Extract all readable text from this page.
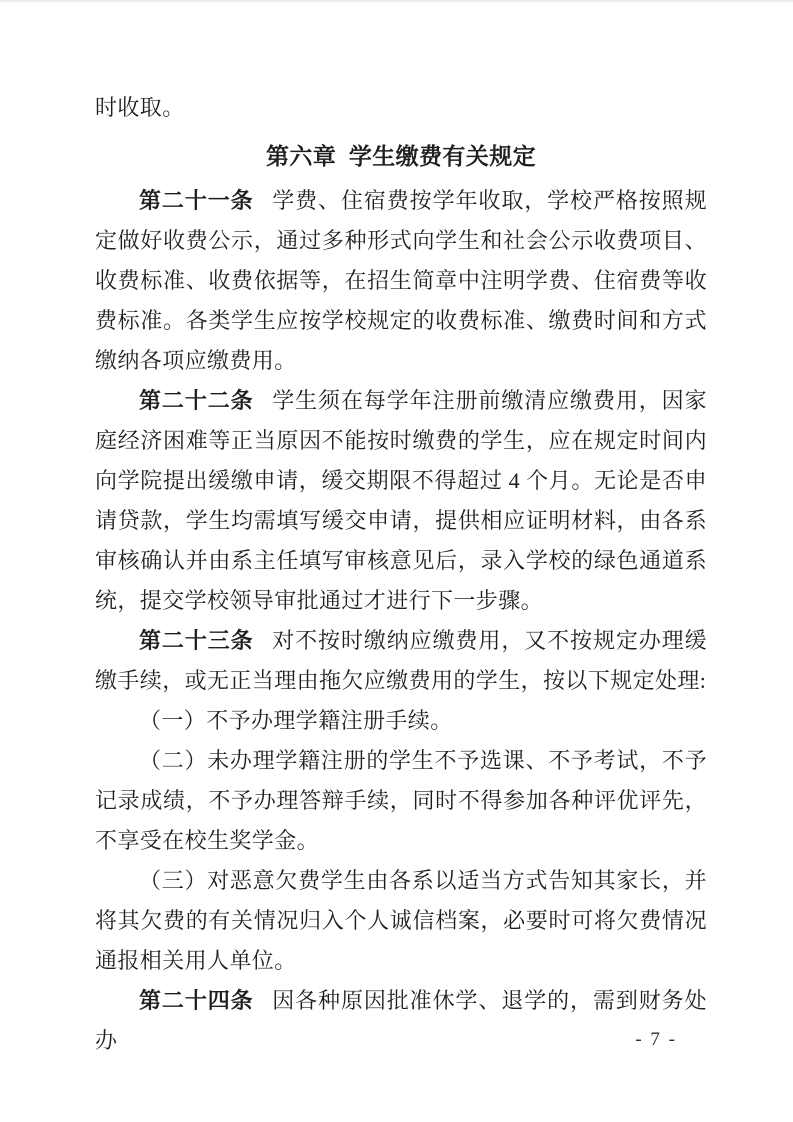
时收取。

第六章 学生缴费有关规定

第二十一条 学费、住宿费按学年收取，学校严格按照规定做好收费公示，通过多种形式向学生和社会公示收费项目、收费标准、收费依据等，在招生简章中注明学费、住宿费等收费标准。各类学生应按学校规定的收费标准、缴费时间和方式缴纳各项应缴费用。

第二十二条 学生须在每学年注册前缴清应缴费用，因家庭经济困难等正当原因不能按时缴费的学生，应在规定时间内向学院提出缓缴申请，缓交期限不得超过 4 个月。无论是否申请贷款，学生均需填写缓交申请，提供相应证明材料，由各系审核确认并由系主任填写审核意见后，录入学校的绿色通道系统，提交学校领导审批通过才进行下一步骤。

第二十三条 对不按时缴纳应缴费用，又不按规定办理缓缴手续，或无正当理由拖欠应缴费用的学生，按以下规定处理:

（一）不予办理学籍注册手续。

（二）未办理学籍注册的学生不予选课、不予考试，不予记录成绩，不予办理答辩手续，同时不得参加各种评优评先，不享受在校生奖学金。

（三）对恶意欠费学生由各系以适当方式告知其家长，并将其欠费的有关情况归入个人诚信档案，必要时可将欠费情况通报相关用人单位。

第二十四条 因各种原因批准休学、退学的，需到财务处办	- 7 -
